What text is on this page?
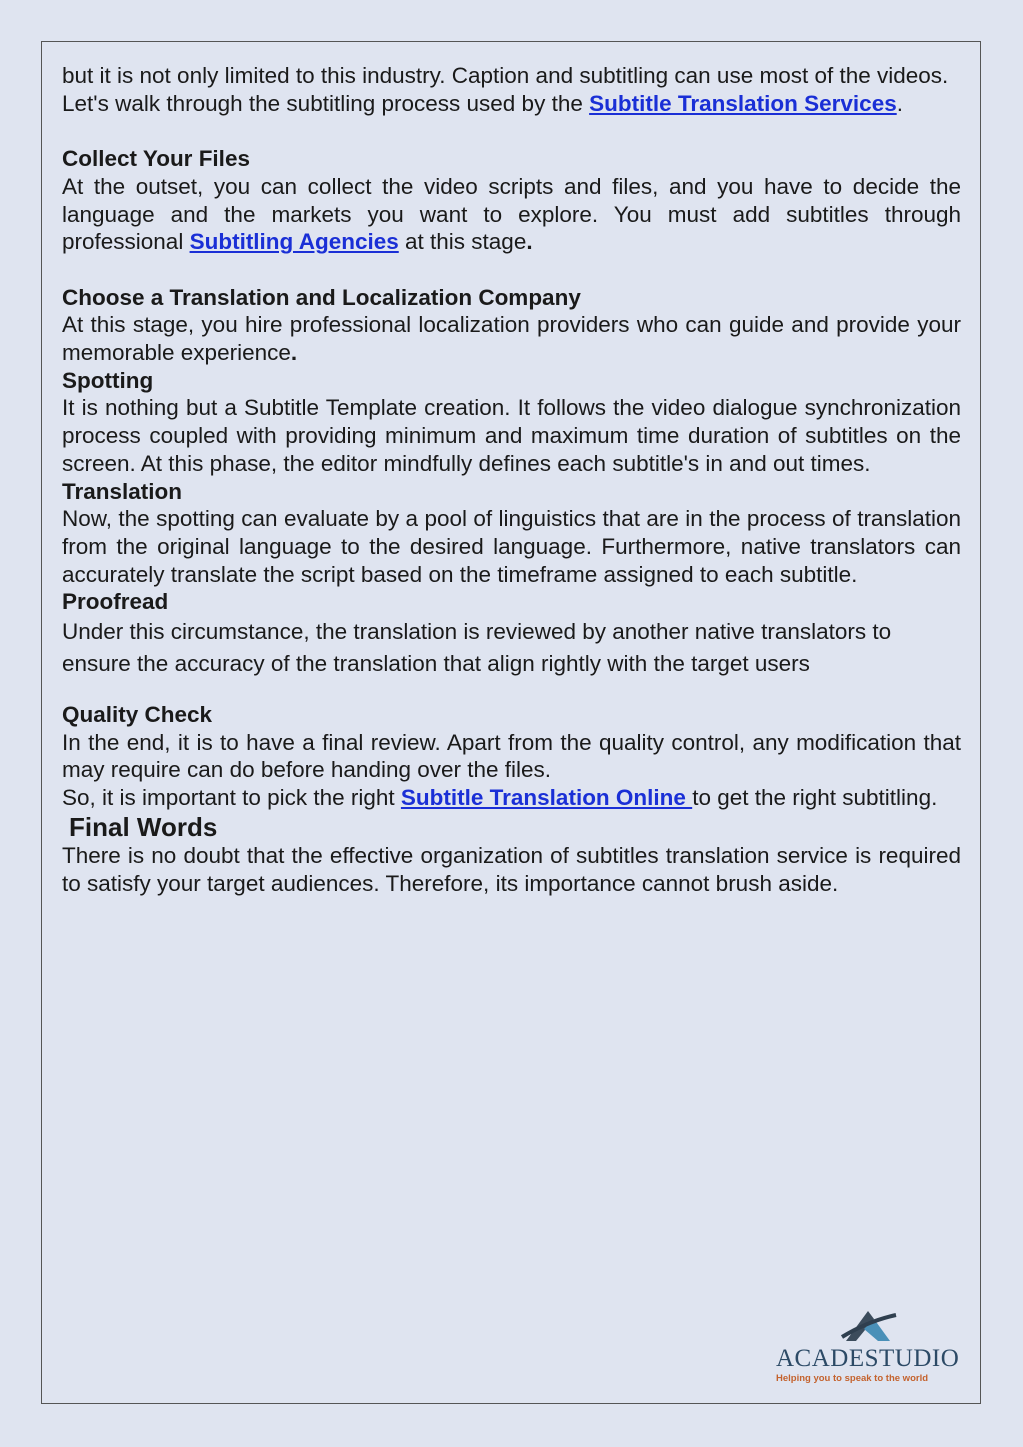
but it is not only limited to this industry. Caption and subtitling can use most of the videos.
Let's walk through the subtitling process used by the Subtitle Translation Services.

Collect Your Files

At the outset, you can collect the video scripts and files, and you have to decide the language and the markets you want to explore. You must add subtitles through professional Subtitling Agencies at this stage.

Choose a Translation and Localization Company

At this stage, you hire professional localization providers who can guide and provide your memorable experience.

Spotting

It is nothing but a Subtitle Template creation. It follows the video dialogue synchronization process coupled with providing minimum and maximum time duration of subtitles on the screen. At this phase, the editor mindfully defines each subtitle's in and out times.

Translation

Now, the spotting can evaluate by a pool of linguistics that are in the process of translation from the original language to the desired language. Furthermore, native translators can accurately translate the script based on the timeframe assigned to each subtitle.

Proofread

Under this circumstance, the translation is reviewed by another native translators to ensure the accuracy of the translation that align rightly with the target users

Quality Check

In the end, it is to have a final review. Apart from the quality control, any modification that may require can do before handing over the files.

So, it is important to pick the right Subtitle Translation Online to get the right subtitling.

Final Words

There is no doubt that the effective organization of subtitles translation service is required to satisfy your target audiences. Therefore, its importance cannot brush aside.

ACADESTUDIO
Helping you to speak to the world
